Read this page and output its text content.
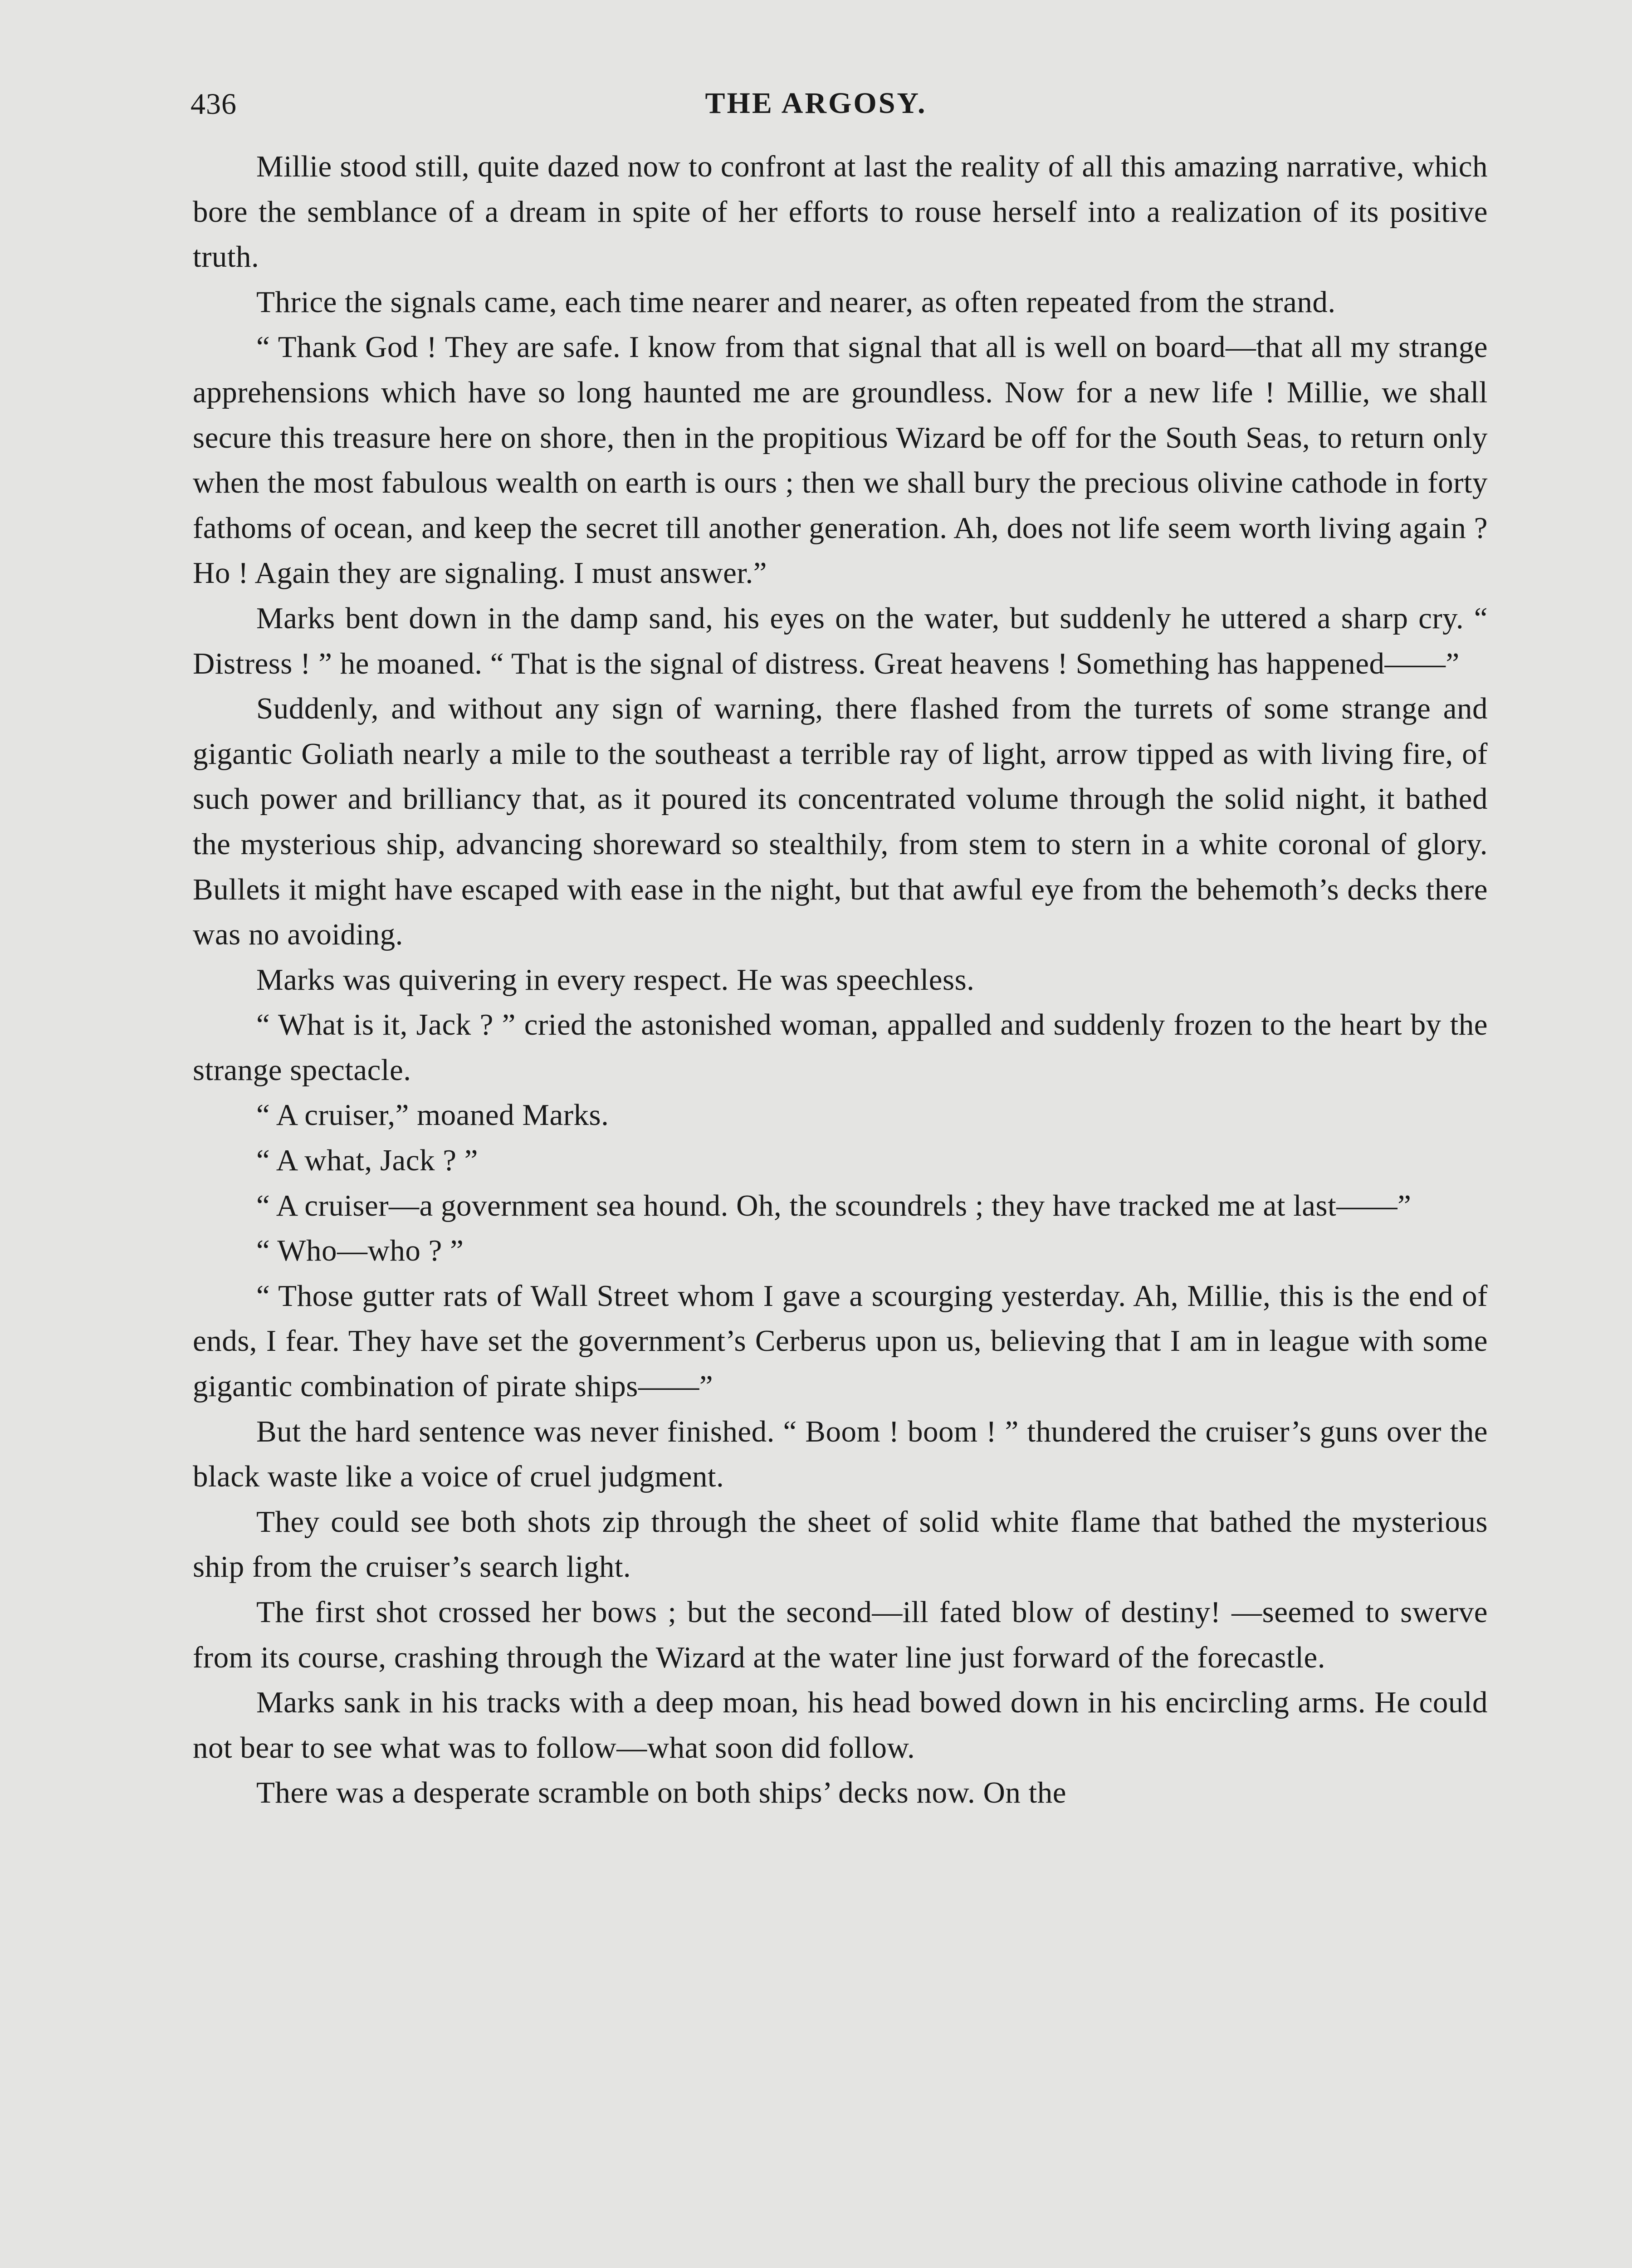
436	THE ARGOSY.

Millie stood still, quite dazed now to confront at last the reality of all this amazing narrative, which bore the semblance of a dream in spite of her efforts to rouse herself into a realization of its positive truth.

Thrice the signals came, each time nearer and nearer, as often repeated from the strand.

“ Thank God ! They are safe. I know from that signal that all is well on board—that all my strange apprehensions which have so long haunted me are groundless. Now for a new life ! Millie, we shall secure this treasure here on shore, then in the propitious Wizard be off for the South Seas, to return only when the most fabulous wealth on earth is ours ; then we shall bury the precious olivine cathode in forty fathoms of ocean, and keep the secret till another generation. Ah, does not life seem worth living again ? Ho ! Again they are signaling. I must answer.”

Marks bent down in the damp sand, his eyes on the water, but suddenly he uttered a sharp cry. “ Distress ! ” he moaned. “ That is the signal of distress. Great heavens ! Something has happened——”

Suddenly, and without any sign of warning, there flashed from the turrets of some strange and gigantic Goliath nearly a mile to the southeast a terrible ray of light, arrow tipped as with living fire, of such power and brilliancy that, as it poured its concentrated volume through the solid night, it bathed the mysterious ship, advancing shoreward so stealthily, from stem to stern in a white coronal of glory. Bullets it might have escaped with ease in the night, but that awful eye from the behemoth’s decks there was no avoiding.

Marks was quivering in every respect. He was speechless.

“ What is it, Jack ? ” cried the astonished woman, appalled and suddenly frozen to the heart by the strange spectacle.

“ A cruiser,” moaned Marks.

“ A what, Jack ? ”

“ A cruiser—a government sea hound. Oh, the scoundrels ; they have tracked me at last——”

“ Who—who ? ”

“ Those gutter rats of Wall Street whom I gave a scourging yesterday. Ah, Millie, this is the end of ends, I fear. They have set the government’s Cerberus upon us, believing that I am in league with some gigantic combination of pirate ships——”

But the hard sentence was never finished. “ Boom ! boom ! ” thundered the cruiser’s guns over the black waste like a voice of cruel judgment.

They could see both shots zip through the sheet of solid white flame that bathed the mysterious ship from the cruiser’s search light.

The first shot crossed her bows ; but the second—ill fated blow of destiny! —seemed to swerve from its course, crashing through the Wizard at the water line just forward of the forecastle.

Marks sank in his tracks with a deep moan, his head bowed down in his encircling arms. He could not bear to see what was to follow—what soon did follow.

There was a desperate scramble on both ships’ decks now. On the
